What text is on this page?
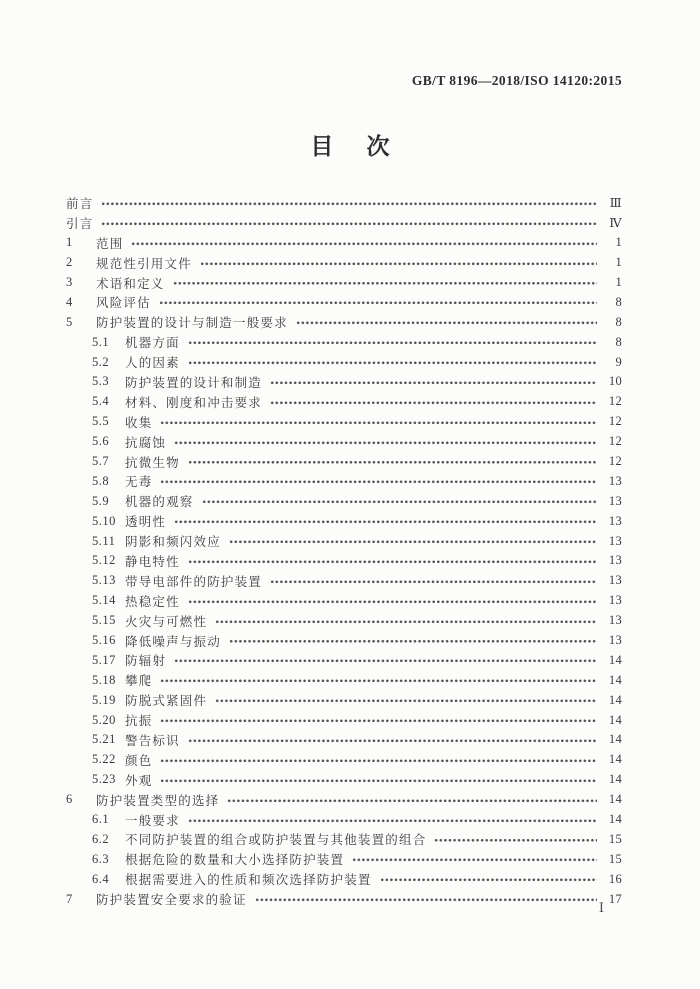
GB/T 8196—2018/ISO 14120:2015
目　次
前言	Ⅲ
引言	Ⅳ
1	范围	1
2	规范性引用文件	1
3	术语和定义	1
4	风险评估	8
5	防护装置的设计与制造一般要求	8
5.1	机器方面	8
5.2	人的因素	9
5.3	防护装置的设计和制造	10
5.4	材料、刚度和冲击要求	12
5.5	收集	12
5.6	抗腐蚀	12
5.7	抗微生物	12
5.8	无毒	13
5.9	机器的观察	13
5.10 透明性	13
5.11 阴影和频闪效应	13
5.12 静电特性	13
5.13 带导电部件的防护装置	13
5.14 热稳定性	13
5.15 火灾与可燃性	13
5.16 降低噪声与振动	13
5.17 防辐射	14
5.18 攀爬	14
5.19 防脱式紧固件	14
5.20 抗振	14
5.21 警告标识	14
5.22 颜色	14
5.23 外观	14
6	防护装置类型的选择	14
6.1	一般要求	14
6.2	不同防护装置的组合或防护装置与其他装置的组合	15
6.3	根据危险的数量和大小选择防护装置	15
6.4	根据需要进入的性质和频次选择防护装置	16
7	防护装置安全要求的验证	17
Ⅰ
